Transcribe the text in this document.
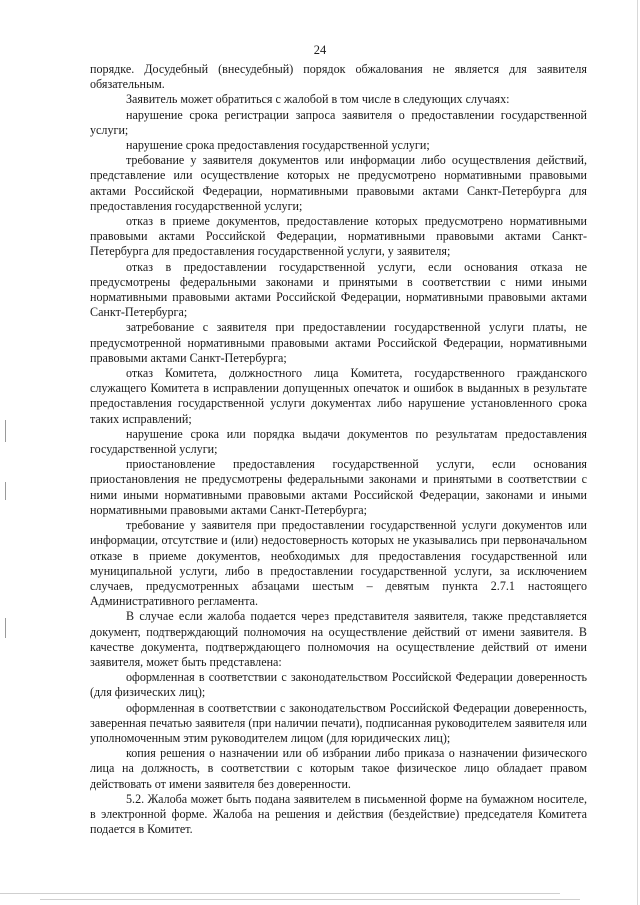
24

порядке. Досудебный (внесудебный) порядок обжалования не является для заявителя обязательным.

Заявитель может обратиться с жалобой в том числе в следующих случаях:

нарушение срока регистрации запроса заявителя о предоставлении государственной услуги;

нарушение срока предоставления государственной услуги;

требование у заявителя документов или информации либо осуществления действий, представление или осуществление которых не предусмотрено нормативными правовыми актами Российской Федерации, нормативными правовыми актами Санкт-Петербурга для предоставления государственной услуги;

отказ в приеме документов, предоставление которых предусмотрено нормативными правовыми актами Российской Федерации, нормативными правовыми актами Санкт-Петербурга для предоставления государственной услуги, у заявителя;

отказ в предоставлении государственной услуги, если основания отказа не предусмотрены федеральными законами и принятыми в соответствии с ними иными нормативными правовыми актами Российской Федерации, нормативными правовыми актами Санкт-Петербурга;

затребование с заявителя при предоставлении государственной услуги платы, не предусмотренной нормативными правовыми актами Российской Федерации, нормативными правовыми актами Санкт-Петербурга;

отказ Комитета, должностного лица Комитета, государственного гражданского служащего Комитета в исправлении допущенных опечаток и ошибок в выданных в результате предоставления государственной услуги документах либо нарушение установленного срока таких исправлений;

нарушение срока или порядка выдачи документов по результатам предоставления государственной услуги;

приостановление предоставления государственной услуги, если основания приостановления не предусмотрены федеральными законами и принятыми в соответствии с ними иными нормативными правовыми актами Российской Федерации, законами и иными нормативными правовыми актами Санкт-Петербурга;

требование у заявителя при предоставлении государственной услуги документов или информации, отсутствие и (или) недостоверность которых не указывались при первоначальном отказе в приеме документов, необходимых для предоставления государственной или муниципальной услуги, либо в предоставлении государственной услуги, за исключением случаев, предусмотренных абзацами шестым – девятым пункта 2.7.1 настоящего Административного регламента.

В случае если жалоба подается через представителя заявителя, также представляется документ, подтверждающий полномочия на осуществление действий от имени заявителя. В качестве документа, подтверждающего полномочия на осуществление действий от имени заявителя, может быть представлена:

оформленная в соответствии с законодательством Российской Федерации доверенность (для физических лиц);

оформленная в соответствии с законодательством Российской Федерации доверенность, заверенная печатью заявителя (при наличии печати), подписанная руководителем заявителя или уполномоченным этим руководителем лицом (для юридических лиц);

копия решения о назначении или об избрании либо приказа о назначении физического лица на должность, в соответствии с которым такое физическое лицо обладает правом действовать от имени заявителя без доверенности.

5.2. Жалоба может быть подана заявителем в письменной форме на бумажном носителе, в электронной форме. Жалоба на решения и действия (бездействие) председателя Комитета подается в Комитет.
